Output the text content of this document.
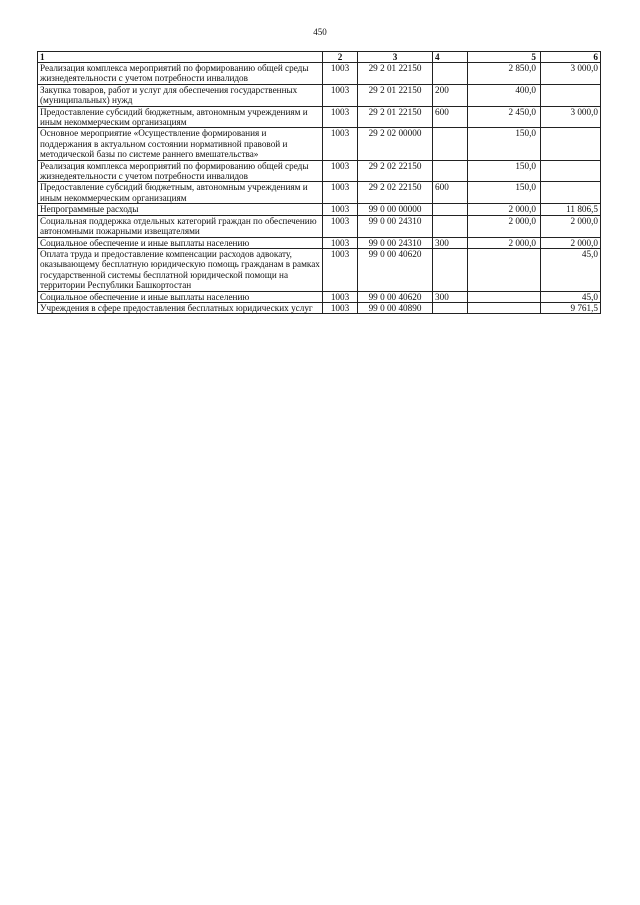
450
1	2	3	4	5	6
Реализация комплекса мероприятий по формированию общей среды жизнедеятельности с учетом потребности инвалидов	1003	29 2 01 22150		2 850,0	3 000,0
Закупка товаров, работ и услуг для обеспечения государственных (муниципальных) нужд	1003	29 2 01 22150	200	400,0	
Предоставление субсидий бюджетным, автономным учреждениям и иным некоммерческим организациям	1003	29 2 01 22150	600	2 450,0	3 000,0
Основное мероприятие «Осуществление формирования и поддержания в актуальном состоянии нормативной правовой и методической базы по системе раннего вмешательства»	1003	29 2 02 00000		150,0	
Реализация комплекса мероприятий по формированию общей среды жизнедеятельности с учетом потребности инвалидов	1003	29 2 02 22150		150,0	
Предоставление субсидий бюджетным, автономным учреждениям и иным некоммерческим организациям	1003	29 2 02 22150	600	150,0	
Непрограммные расходы	1003	99 0 00 00000		2 000,0	11 806,5
Социальная поддержка отдельных категорий граждан по обеспечению автономными пожарными извещателями	1003	99 0 00 24310		2 000,0	2 000,0
Социальное обеспечение и иные выплаты населению	1003	99 0 00 24310	300	2 000,0	2 000,0
Оплата труда и предоставление компенсации расходов адвокату, оказывающему бесплатную юридическую помощь гражданам в рамках государственной системы бесплатной юридической помощи на территории Республики Башкортостан	1003	99 0 00 40620			45,0
Социальное обеспечение и иные выплаты населению	1003	99 0 00 40620	300		45,0
Учреждения в сфере предоставления бесплатных юридических услуг	1003	99 0 00 40890			9 761,5
